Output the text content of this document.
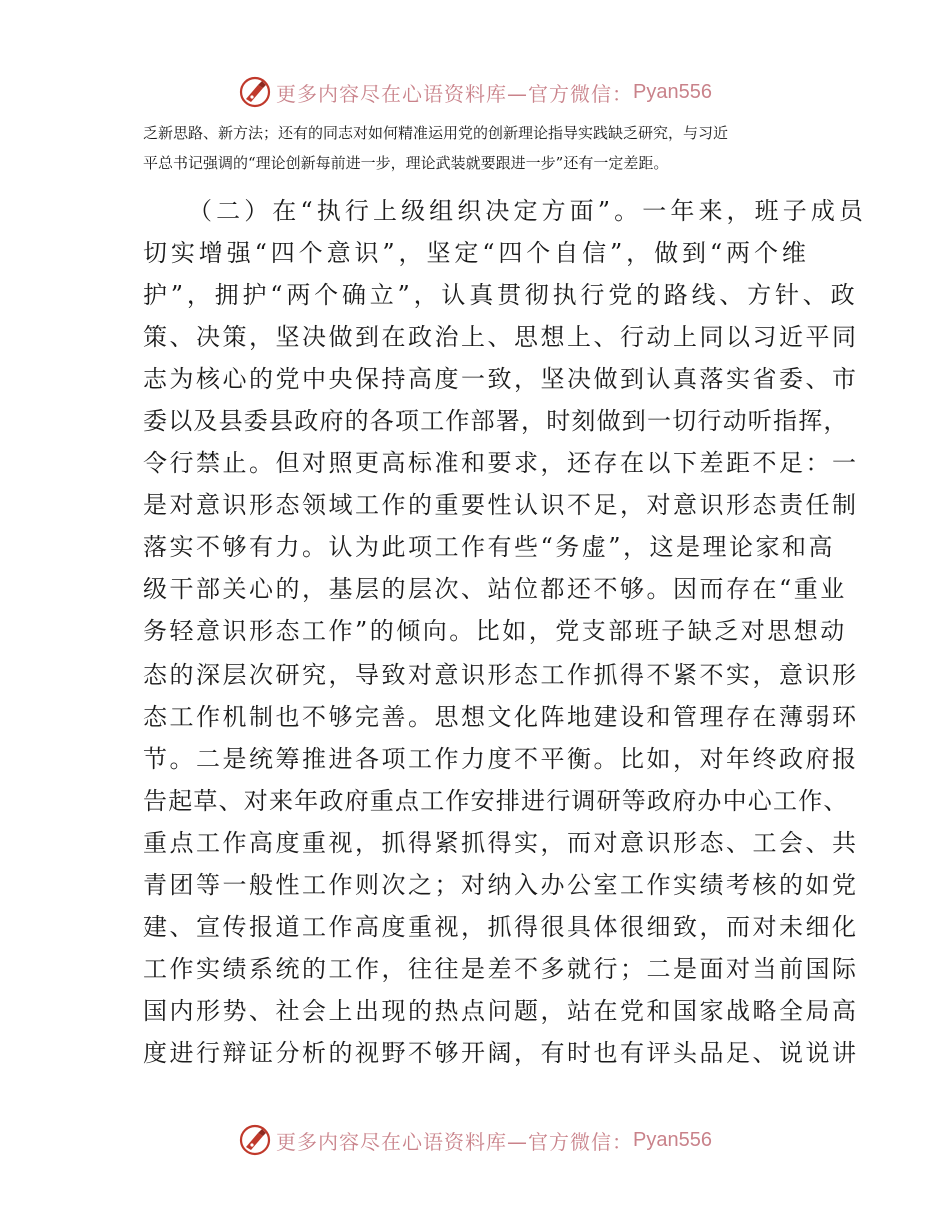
更多内容尽在心语资料库—官方微信： Pyan556
乏新思路、新方法；还有的同志对如何精准运用党的创新理论指导实践缺乏研究，与习近
平总书记强调的“理论创新每前进一步，理论武装就要跟进一步”还有一定差距。
（二）在“执行上级组织决定方面”。一年来，班子成员
切实增强“四个意识”，坚定“四个自信”，做到“两个维
护”，拥护“两个确立”，认真贯彻执行党的路线、方针、政
策、决策，坚决做到在政治上、思想上、行动上同以习近平同
志为核心的党中央保持高度一致，坚决做到认真落实省委、市
委以及县委县政府的各项工作部署，时刻做到一切行动听指挥，
令行禁止。但对照更高标准和要求，还存在以下差距不足：一
是对意识形态领域工作的重要性认识不足，对意识形态责任制
落实不够有力。认为此项工作有些“务虚”，这是理论家和高
级干部关心的，基层的层次、站位都还不够。因而存在“重业
务轻意识形态工作”的倾向。比如，党支部班子缺乏对思想动
态的深层次研究，导致对意识形态工作抓得不紧不实，意识形
态工作机制也不够完善。思想文化阵地建设和管理存在薄弱环
节。二是统筹推进各项工作力度不平衡。比如，对年终政府报
告起草、对来年政府重点工作安排进行调研等政府办中心工作、
重点工作高度重视，抓得紧抓得实，而对意识形态、工会、共
青团等一般性工作则次之；对纳入办公室工作实绩考核的如党
建、宣传报道工作高度重视，抓得很具体很细致，而对未细化
工作实绩系统的工作，往往是差不多就行；二是面对当前国际
国内形势、社会上出现的热点问题，站在党和国家战略全局高
度进行辩证分析的视野不够开阔，有时也有评头品足、说说讲
更多内容尽在心语资料库—官方微信： Pyan556
